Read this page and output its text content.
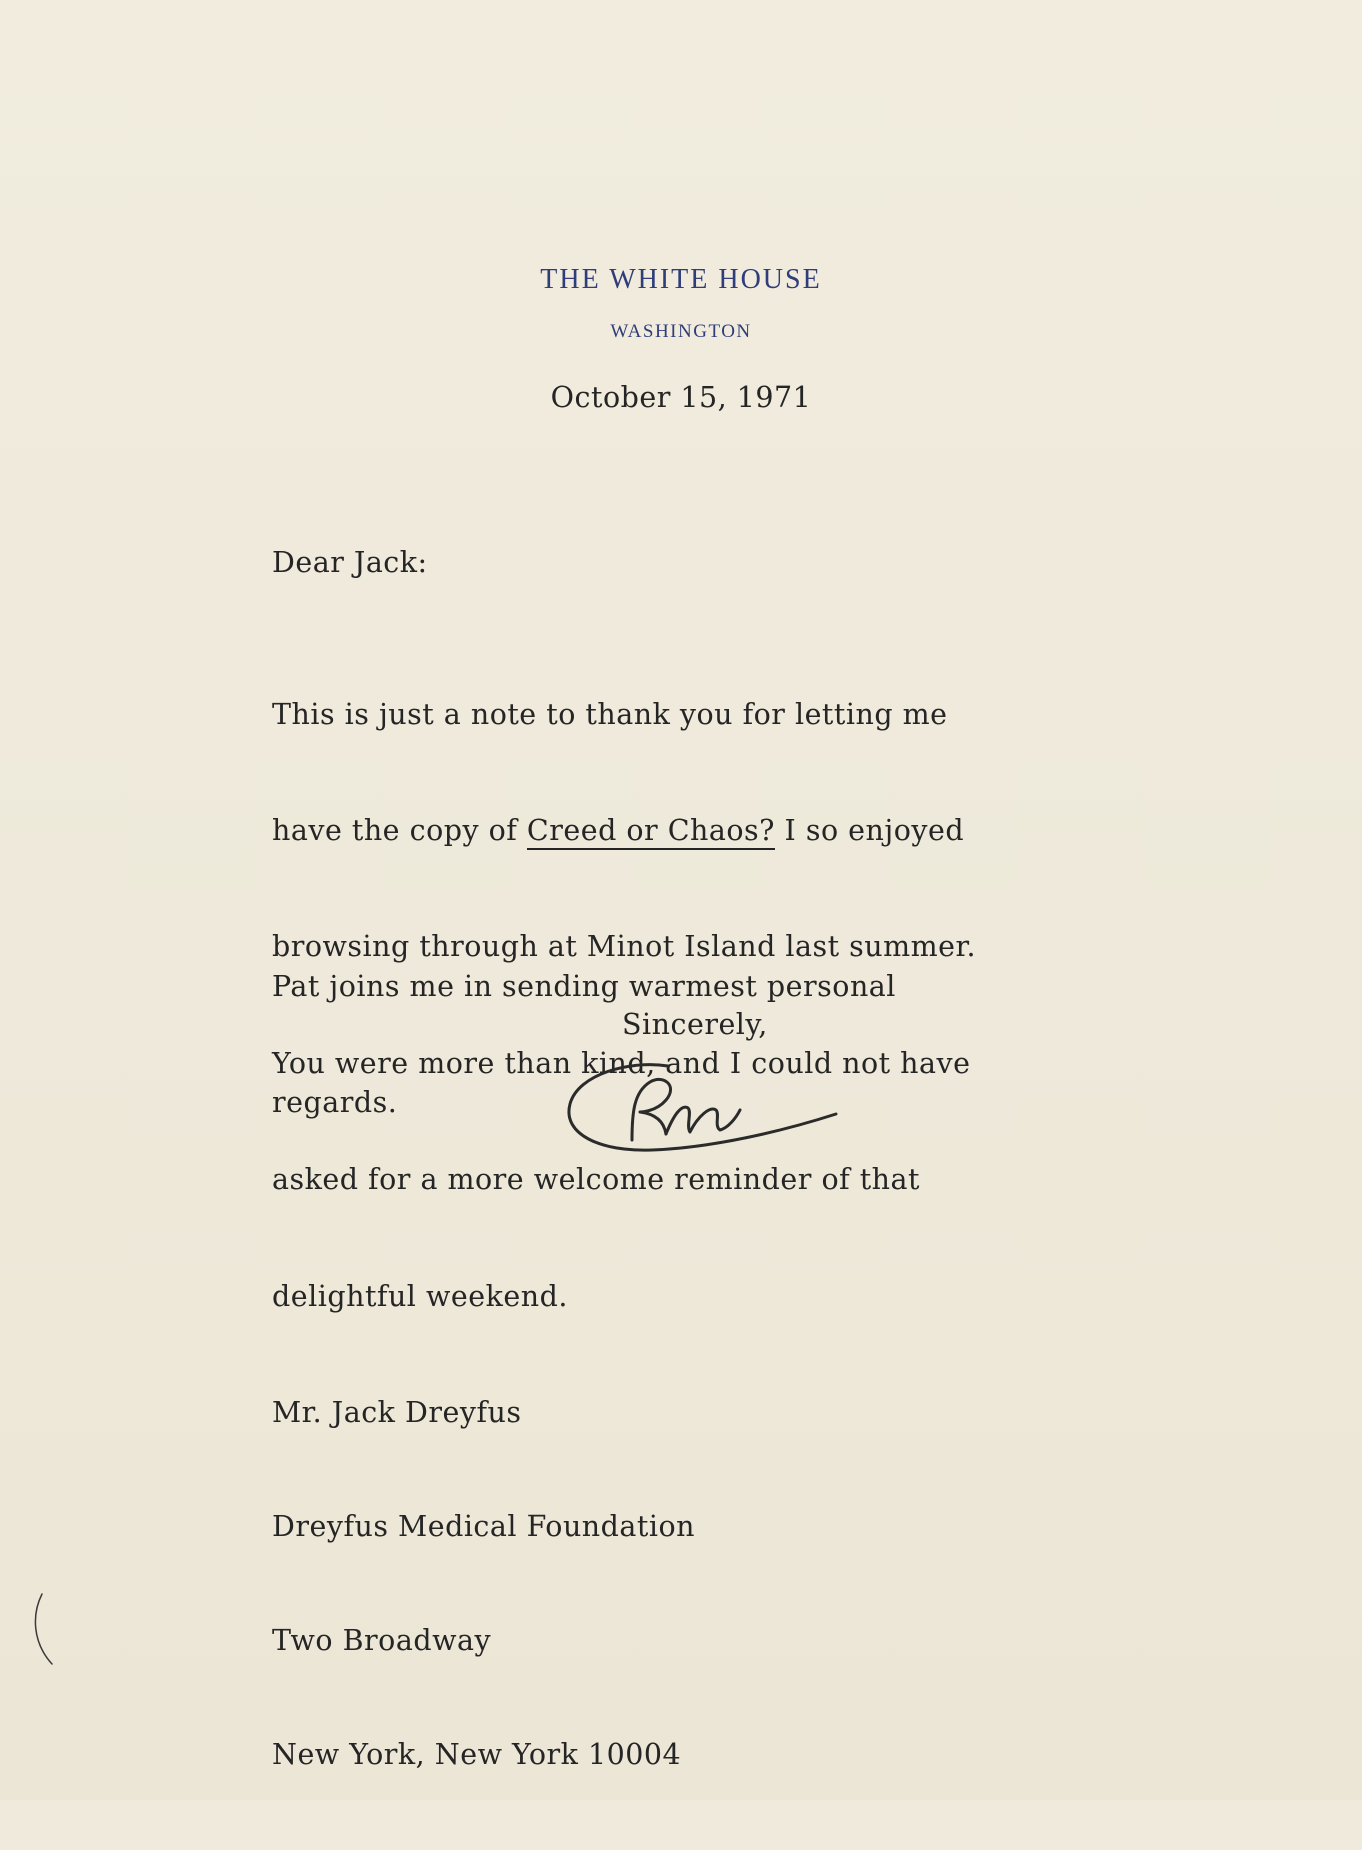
THE WHITE HOUSE
WASHINGTON
October 15, 1971
Dear Jack:

This is just a note to thank you for letting me

have the copy of Creed or Chaos? I so enjoyed

browsing through at Minot Island last summer.

You were more than kind, and I could not have

asked for a more welcome reminder of that

delightful weekend.

Pat joins me in sending warmest personal

regards.

Sincerely,

Mr. Jack Dreyfus

Dreyfus Medical Foundation

Two Broadway

New York, New York 10004
